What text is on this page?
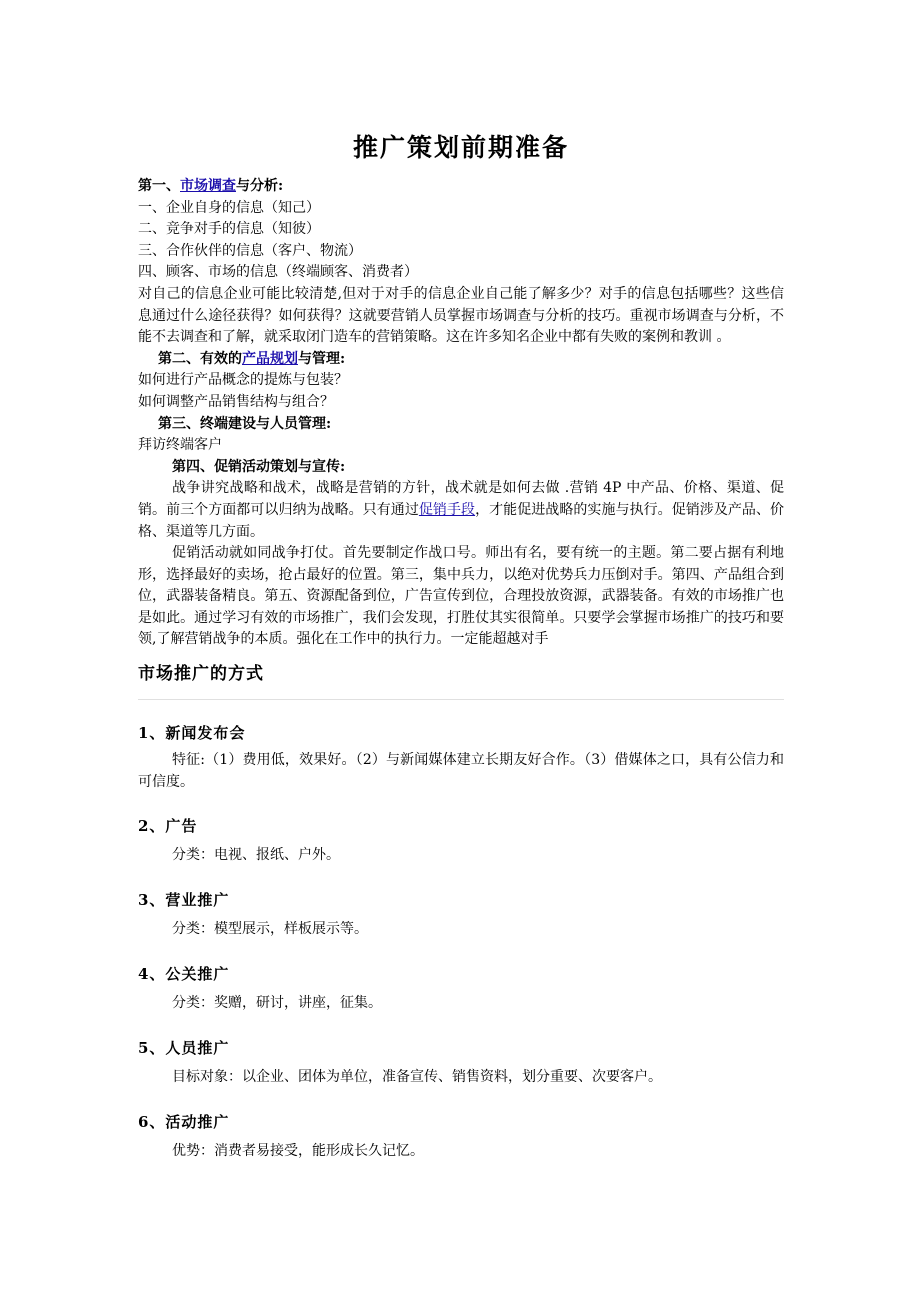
推广策划前期准备

第一、市场调查与分析:

一、企业自身的信息（知己）

二、竞争对手的信息（知彼）

三、合作伙伴的信息（客户、物流）

四、顾客、市场的信息（终端顾客、消费者）

对自己的信息企业可能比较清楚,但对于对手的信息企业自己能了解多少？对手的信息包括哪些？这些信息通过什么途径获得？如何获得？这就要营销人员掌握市场调查与分析的技巧。重视市场调查与分析，不能不去调查和了解，就采取闭门造车的营销策略。这在许多知名企业中都有失败的案例和教训 。

第二、有效的产品规划与管理:

如何进行产品概念的提炼与包装？

如何调整产品销售结构与组合？

第三、终端建设与人员管理:

拜访终端客户

第四、促销活动策划与宣传:

战争讲究战略和战术，战略是营销的方针，战术就是如何去做 .营销 4P 中产品、价格、渠道、促销。前三个方面都可以归纳为战略。只有通过促销手段，才能促进战略的实施与执行。促销涉及产品、价格、渠道等几方面。

促销活动就如同战争打仗。首先要制定作战口号。师出有名，要有统一的主题。第二要占据有利地形，选择最好的卖场，抢占最好的位置。第三，集中兵力，以绝对优势兵力压倒对手。第四、产品组合到位，武器装备精良。第五、资源配备到位，广告宣传到位，合理投放资源，武器装备。有效的市场推广也是如此。通过学习有效的市场推广，我们会发现，打胜仗其实很简单。只要学会掌握市场推广的技巧和要领,了解营销战争的本质。强化在工作中的执行力。一定能超越对手

市场推广的方式
1、新闻发布会

特征:（1）费用低，效果好。（2）与新闻媒体建立长期友好合作。（3）借媒体之口，具有公信力和可信度。

2、广告

分类：电视、报纸、户外。

3、营业推广

分类：模型展示，样板展示等。

4、公关推广

分类：奖赠，研讨，讲座，征集。

5、人员推广

目标对象：以企业、团体为单位，准备宣传、销售资料，划分重要、次要客户。

6、活动推广

优势：消费者易接受，能形成长久记忆。
